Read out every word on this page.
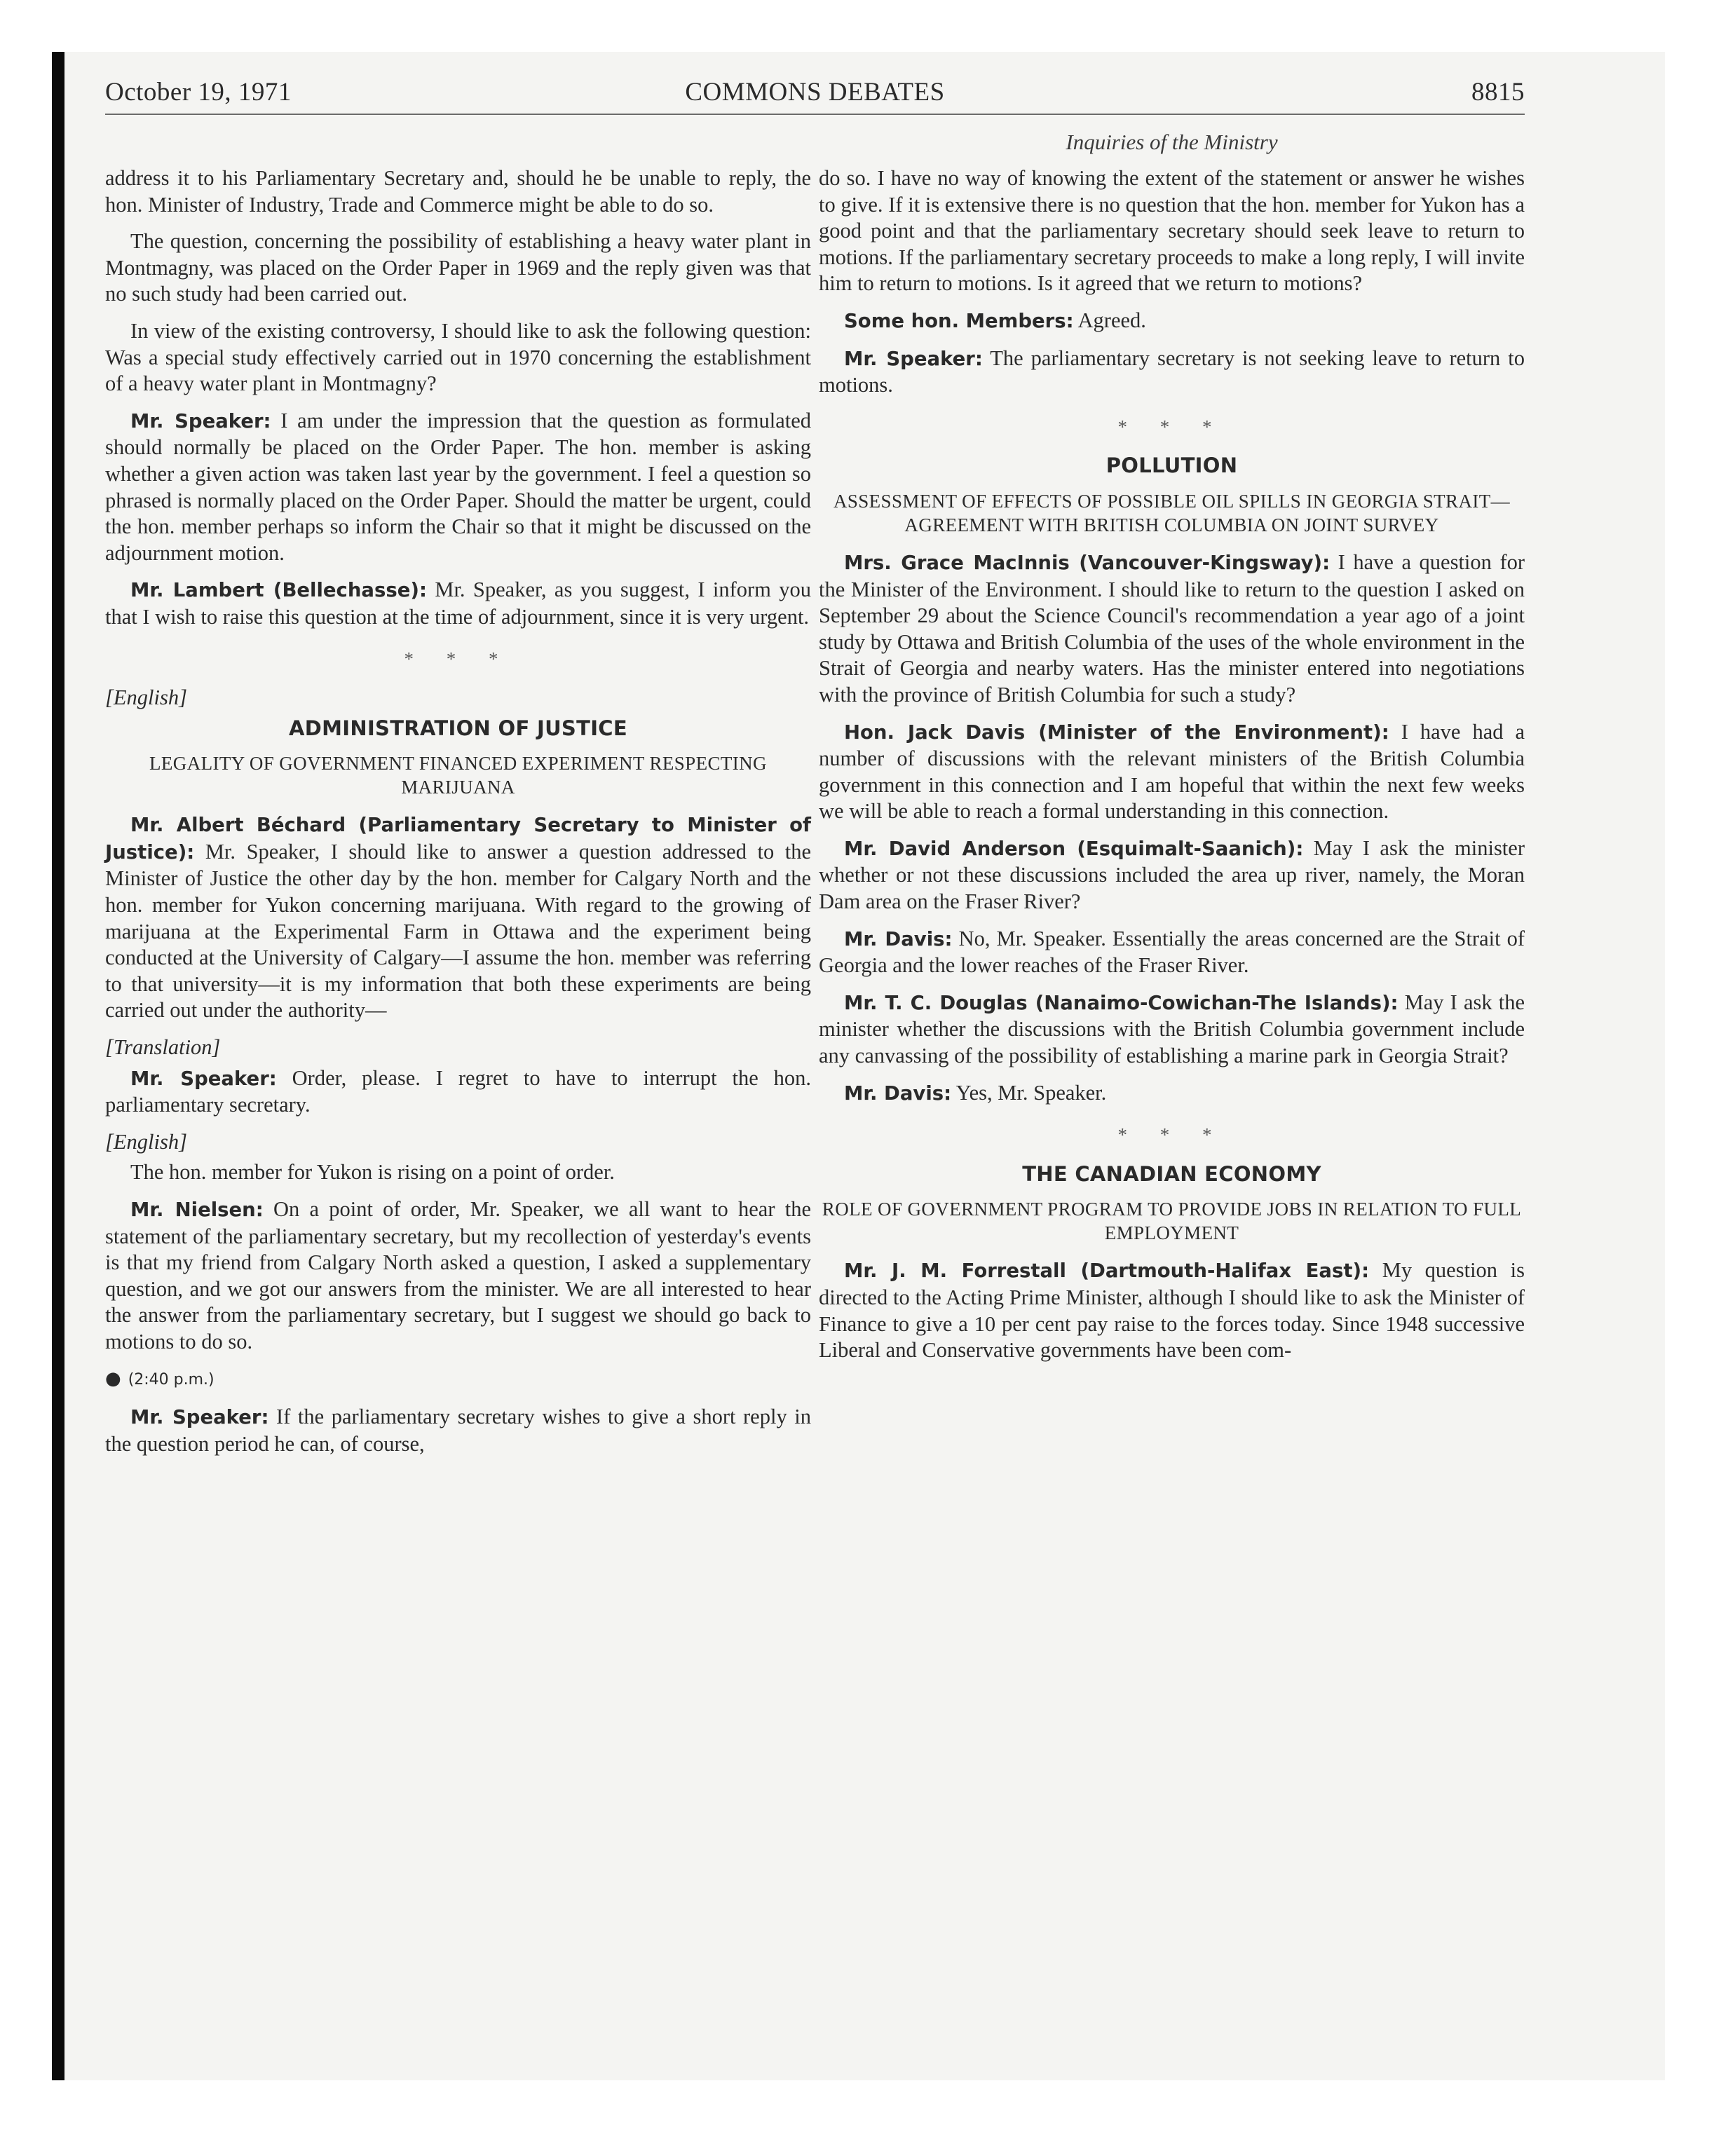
October 19, 1971	COMMONS DEBATES	8815
Inquiries of the Ministry

address it to his Parliamentary Secretary and, should he be unable to reply, the hon. Minister of Industry, Trade and Commerce might be able to do so.

The question, concerning the possibility of establishing a heavy water plant in Montmagny, was placed on the Order Paper in 1969 and the reply given was that no such study had been carried out.

In view of the existing controversy, I should like to ask the following question: Was a special study effectively carried out in 1970 concerning the establishment of a heavy water plant in Montmagny?

Mr. Speaker: I am under the impression that the question as formulated should normally be placed on the Order Paper. The hon. member is asking whether a given action was taken last year by the government. I feel a question so phrased is normally placed on the Order Paper. Should the matter be urgent, could the hon. member perhaps so inform the Chair so that it might be discussed on the adjournment motion.

Mr. Lambert (Bellechasse): Mr. Speaker, as you suggest, I inform you that I wish to raise this question at the time of adjournment, since it is very urgent.

* * *
[English]
ADMINISTRATION OF JUSTICE
LEGALITY OF GOVERNMENT FINANCED EXPERIMENT RESPECTING MARIJUANA

Mr. Albert Béchard (Parliamentary Secretary to Minister of Justice): Mr. Speaker, I should like to answer a question addressed to the Minister of Justice the other day by the hon. member for Calgary North and the hon. member for Yukon concerning marijuana. With regard to the growing of marijuana at the Experimental Farm in Ottawa and the experiment being conducted at the University of Calgary—I assume the hon. member was referring to that university—it is my information that both these experiments are being carried out under the authority—

[Translation]

Mr. Speaker: Order, please. I regret to have to interrupt the hon. parliamentary secretary.

[English]

The hon. member for Yukon is rising on a point of order.

Mr. Nielsen: On a point of order, Mr. Speaker, we all want to hear the statement of the parliamentary secretary, but my recollection of yesterday's events is that my friend from Calgary North asked a question, I asked a supplementary question, and we got our answers from the minister. We are all interested to hear the answer from the parliamentary secretary, but I suggest we should go back to motions to do so.

● (2:40 p.m.)

Mr. Speaker: If the parliamentary secretary wishes to give a short reply in the question period he can, of course,

do so. I have no way of knowing the extent of the statement or answer he wishes to give. If it is extensive there is no question that the hon. member for Yukon has a good point and that the parliamentary secretary should seek leave to return to motions. If the parliamentary secretary proceeds to make a long reply, I will invite him to return to motions. Is it agreed that we return to motions?

Some hon. Members: Agreed.

Mr. Speaker: The parliamentary secretary is not seeking leave to return to motions.

* * *
POLLUTION
ASSESSMENT OF EFFECTS OF POSSIBLE OIL SPILLS IN GEORGIA STRAIT—AGREEMENT WITH BRITISH COLUMBIA ON JOINT SURVEY

Mrs. Grace MacInnis (Vancouver-Kingsway): I have a question for the Minister of the Environment. I should like to return to the question I asked on September 29 about the Science Council's recommendation a year ago of a joint study by Ottawa and British Columbia of the uses of the whole environment in the Strait of Georgia and nearby waters. Has the minister entered into negotiations with the province of British Columbia for such a study?

Hon. Jack Davis (Minister of the Environment): I have had a number of discussions with the relevant ministers of the British Columbia government in this connection and I am hopeful that within the next few weeks we will be able to reach a formal understanding in this connection.

Mr. David Anderson (Esquimalt-Saanich): May I ask the minister whether or not these discussions included the area up river, namely, the Moran Dam area on the Fraser River?

Mr. Davis: No, Mr. Speaker. Essentially the areas concerned are the Strait of Georgia and the lower reaches of the Fraser River.

Mr. T. C. Douglas (Nanaimo-Cowichan-The Islands): May I ask the minister whether the discussions with the British Columbia government include any canvassing of the possibility of establishing a marine park in Georgia Strait?

Mr. Davis: Yes, Mr. Speaker.

* * *
THE CANADIAN ECONOMY
ROLE OF GOVERNMENT PROGRAM TO PROVIDE JOBS IN RELATION TO FULL EMPLOYMENT

Mr. J. M. Forrestall (Dartmouth-Halifax East): My question is directed to the Acting Prime Minister, although I should like to ask the Minister of Finance to give a 10 per cent pay raise to the forces today. Since 1948 successive Liberal and Conservative governments have been com-
